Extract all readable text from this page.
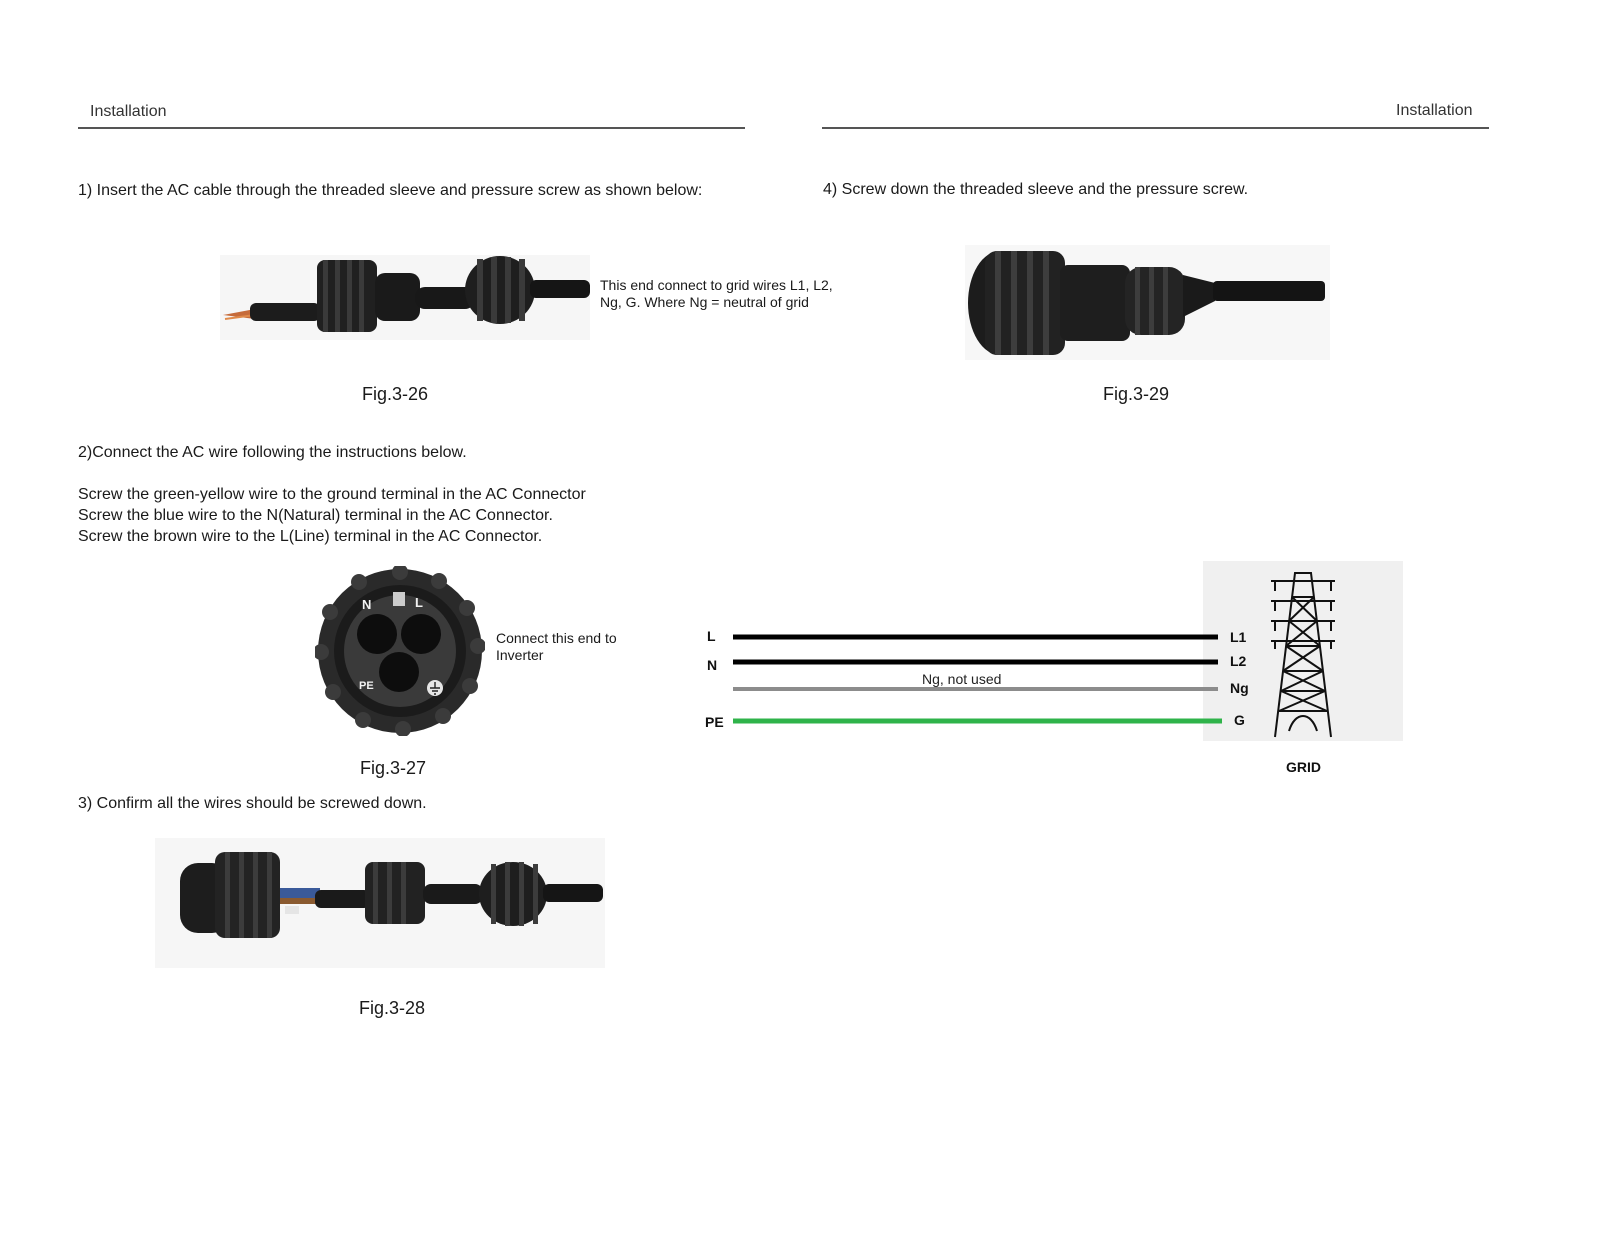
Installation
1) Insert the AC cable through the threaded sleeve and pressure screw as shown below:
This end connect to grid wires L1, L2,
Ng, G. Where Ng = neutral of grid
Fig.3-26
2)Connect the AC wire following the instructions below.
Screw the green-yellow wire to the ground terminal in the AC Connector
Screw the blue wire to the N(Natural) terminal in the AC Connector.
Screw the brown wire to the L(Line) terminal in the AC Connector.
N	L
PE
Connect this end to
Inverter
Fig.3-27
3) Confirm all the wires should be screwed down.
Fig.3-28
Installation
4) Screw down the threaded sleeve and the pressure screw.
Fig.3-29
L
N
PE
L1
L2
Ng
G
Ng, not used
GRID
